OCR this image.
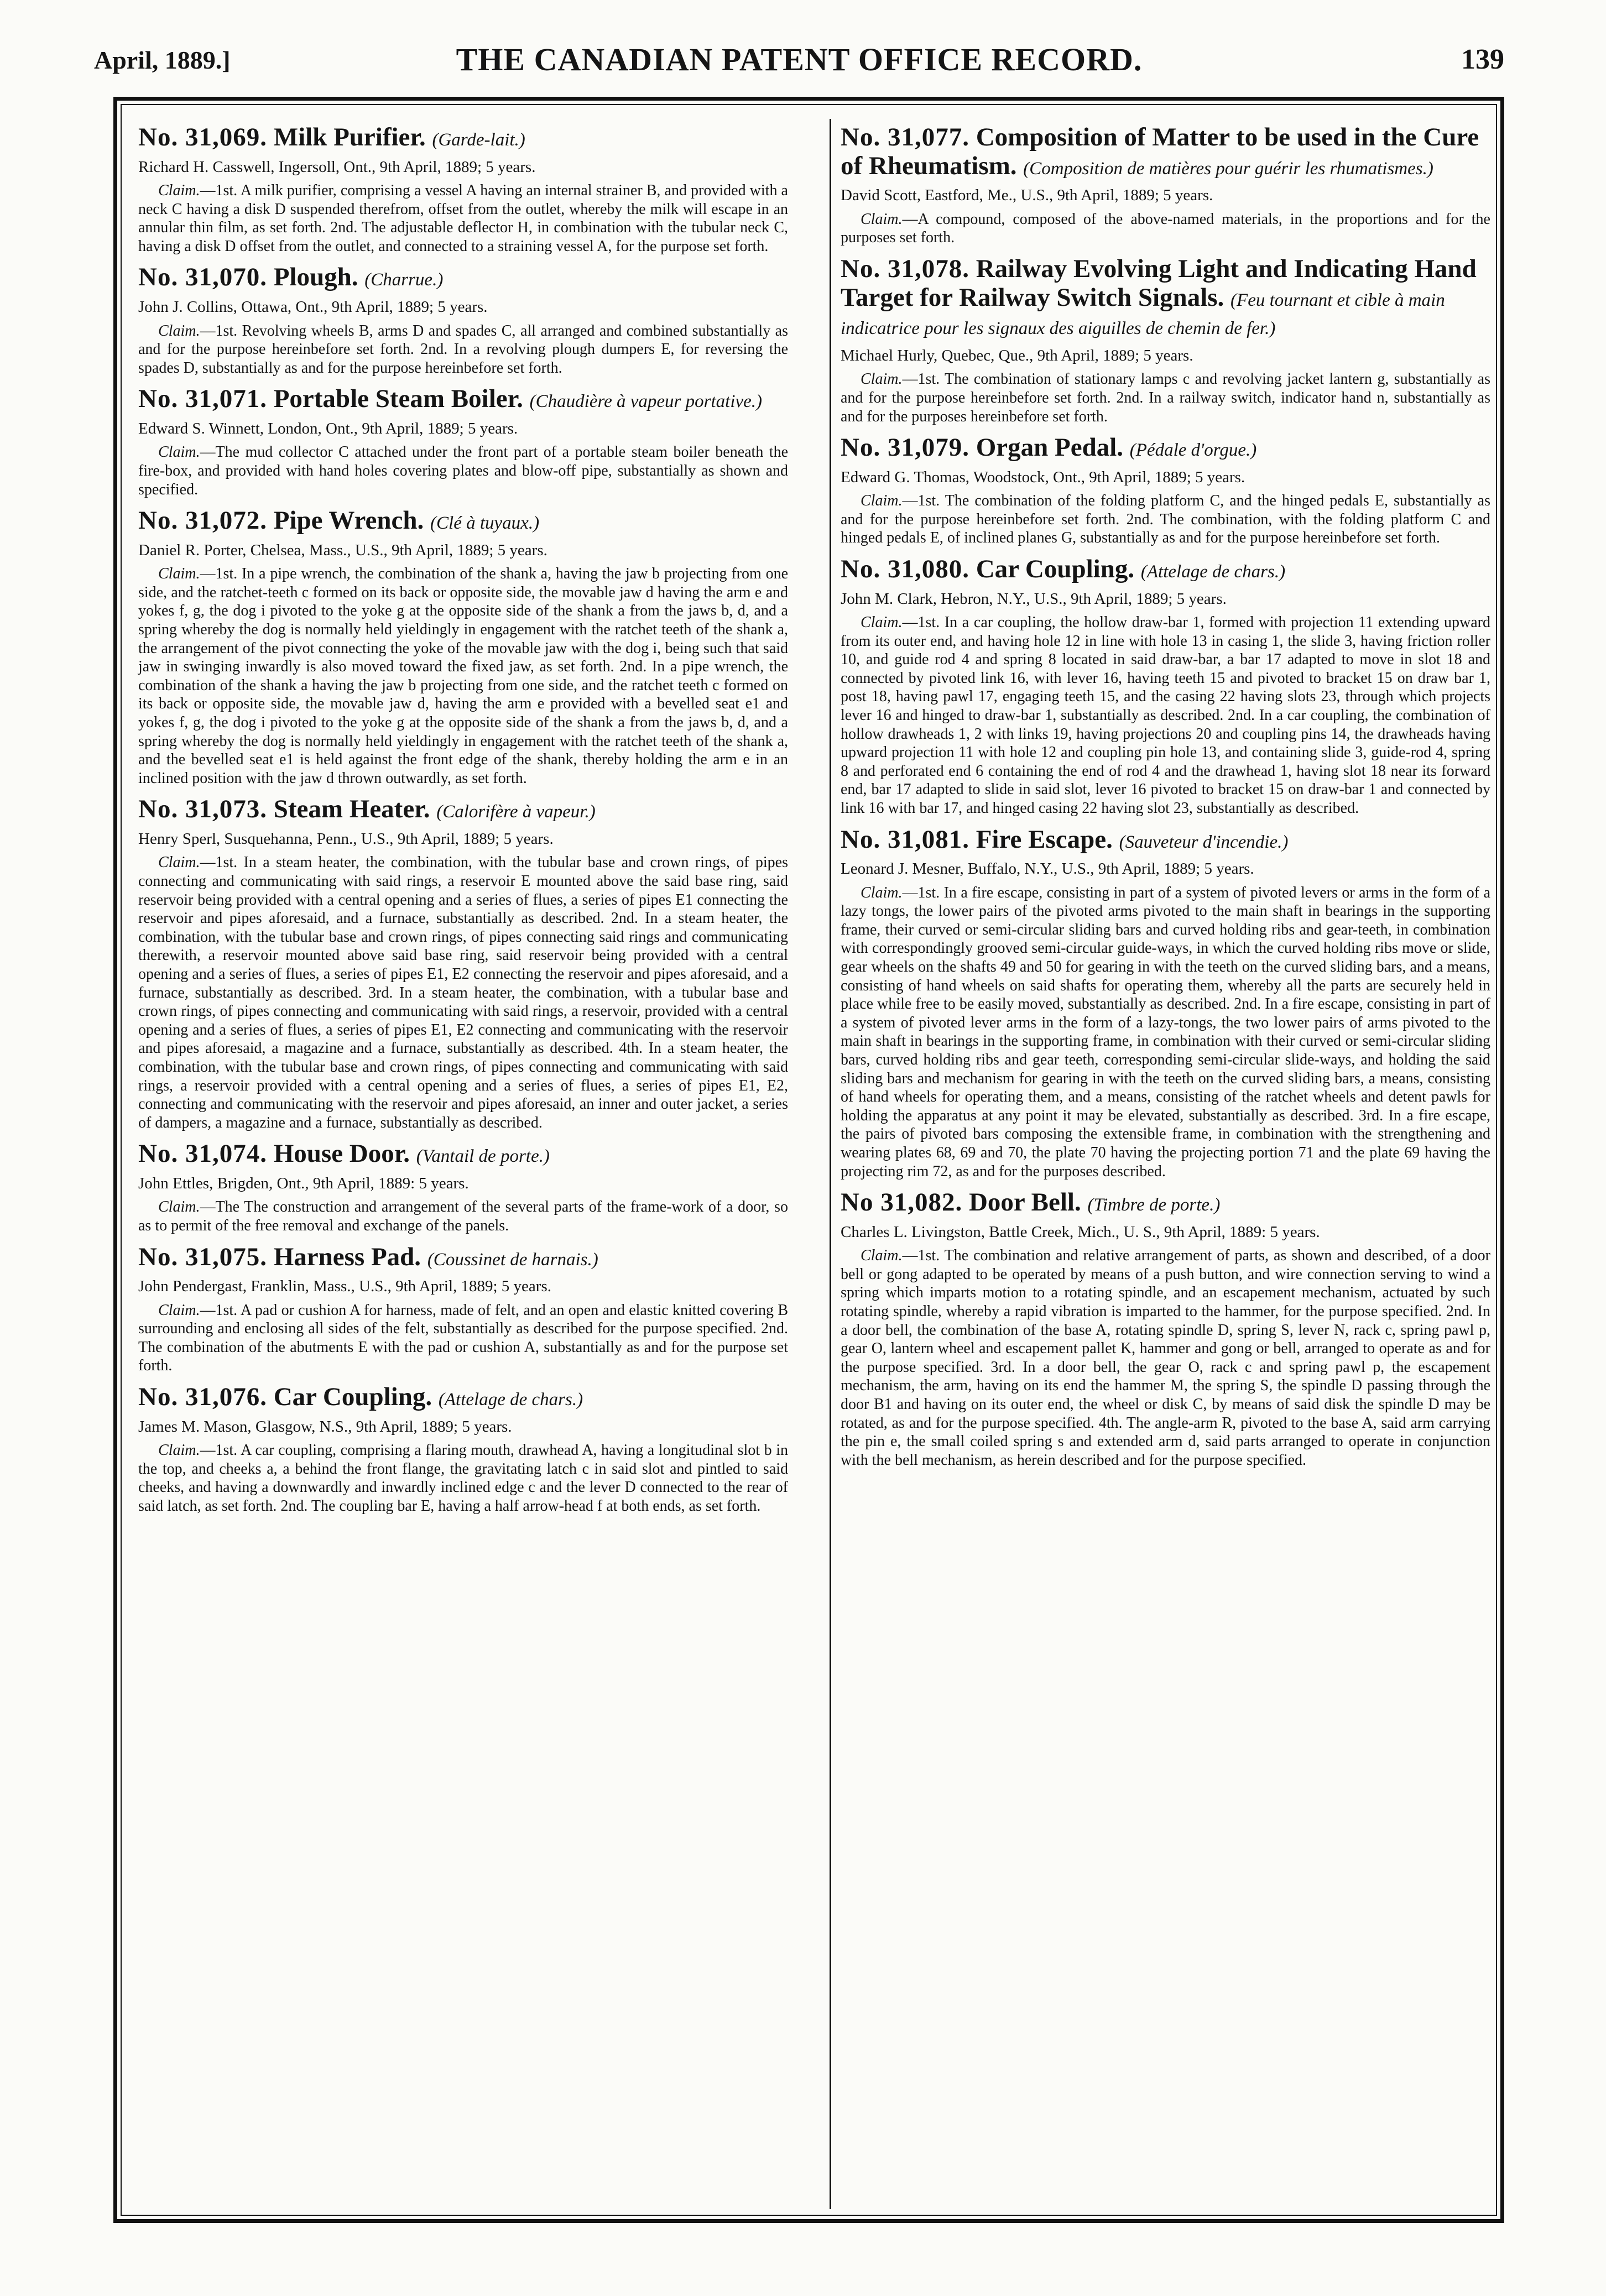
April, 1889.]	THE CANADIAN PATENT OFFICE RECORD.	139
No. 31,069. Milk Purifier. (Garde-lait.)

Richard H. Casswell, Ingersoll, Ont., 9th April, 1889; 5 years.

Claim.—1st. A milk purifier, comprising a vessel A having an internal strainer B, and provided with a neck C having a disk D suspended therefrom, offset from the outlet, whereby the milk will escape in an annular thin film, as set forth. 2nd. The adjustable deflector H, in combination with the tubular neck C, having a disk D offset from the outlet, and connected to a straining vessel A, for the purpose set forth.

No. 31,070. Plough. (Charrue.)

John J. Collins, Ottawa, Ont., 9th April, 1889; 5 years.

Claim.—1st. Revolving wheels B, arms D and spades C, all arranged and combined substantially as and for the purpose hereinbefore set forth. 2nd. In a revolving plough dumpers E, for reversing the spades D, substantially as and for the purpose hereinbefore set forth.

No. 31,071. Portable Steam Boiler. (Chaudière à vapeur portative.)

Edward S. Winnett, London, Ont., 9th April, 1889; 5 years.

Claim.—The mud collector C attached under the front part of a portable steam boiler beneath the fire-box, and provided with hand holes covering plates and blow-off pipe, substantially as shown and specified.

No. 31,072. Pipe Wrench. (Clé à tuyaux.)

Daniel R. Porter, Chelsea, Mass., U.S., 9th April, 1889; 5 years.

Claim.—1st. In a pipe wrench, the combination of the shank a, having the jaw b projecting from one side, and the ratchet-teeth c formed on its back or opposite side, the movable jaw d having the arm e and yokes f, g, the dog i pivoted to the yoke g at the opposite side of the shank a from the jaws b, d, and a spring whereby the dog is normally held yieldingly in engagement with the ratchet teeth of the shank a, the arrangement of the pivot connecting the yoke of the movable jaw with the dog i, being such that said jaw in swinging inwardly is also moved toward the fixed jaw, as set forth. 2nd. In a pipe wrench, the combination of the shank a having the jaw b projecting from one side, and the ratchet teeth c formed on its back or opposite side, the movable jaw d, having the arm e provided with a bevelled seat e1 and yokes f, g, the dog i pivoted to the yoke g at the opposite side of the shank a from the jaws b, d, and a spring whereby the dog is normally held yieldingly in engagement with the ratchet teeth of the shank a, and the bevelled seat e1 is held against the front edge of the shank, thereby holding the arm e in an inclined position with the jaw d thrown outwardly, as set forth.

No. 31,073. Steam Heater. (Calorifère à vapeur.)

Henry Sperl, Susquehanna, Penn., U.S., 9th April, 1889; 5 years.

Claim.—1st. In a steam heater, the combination, with the tubular base and crown rings, of pipes connecting and communicating with said rings, a reservoir E mounted above the said base ring, said reservoir being provided with a central opening and a series of flues, a series of pipes E1 connecting the reservoir and pipes aforesaid, and a furnace, substantially as described. 2nd. In a steam heater, the combination, with the tubular base and crown rings, of pipes connecting said rings and communicating therewith, a reservoir mounted above said base ring, said reservoir being provided with a central opening and a series of flues, a series of pipes E1, E2 connecting the reservoir and pipes aforesaid, and a furnace, substantially as described. 3rd. In a steam heater, the combination, with a tubular base and crown rings, of pipes connecting and communicating with said rings, a reservoir, provided with a central opening and a series of flues, a series of pipes E1, E2 connecting and communicating with the reservoir and pipes aforesaid, a magazine and a furnace, substantially as described. 4th. In a steam heater, the combination, with the tubular base and crown rings, of pipes connecting and communicating with said rings, a reservoir provided with a central opening and a series of flues, a series of pipes E1, E2, connecting and communicating with the reservoir and pipes aforesaid, an inner and outer jacket, a series of dampers, a magazine and a furnace, substantially as described.

No. 31,074. House Door. (Vantail de porte.)

John Ettles, Brigden, Ont., 9th April, 1889: 5 years.

Claim.—The The construction and arrangement of the several parts of the frame-work of a door, so as to permit of the free removal and exchange of the panels.

No. 31,075. Harness Pad. (Coussinet de harnais.)

John Pendergast, Franklin, Mass., U.S., 9th April, 1889; 5 years.

Claim.—1st. A pad or cushion A for harness, made of felt, and an open and elastic knitted covering B surrounding and enclosing all sides of the felt, substantially as described for the purpose specified. 2nd. The combination of the abutments E with the pad or cushion A, substantially as and for the purpose set forth.

No. 31,076. Car Coupling. (Attelage de chars.)

James M. Mason, Glasgow, N.S., 9th April, 1889; 5 years.

Claim.—1st. A car coupling, comprising a flaring mouth, drawhead A, having a longitudinal slot b in the top, and cheeks a, a behind the front flange, the gravitating latch c in said slot and pintled to said cheeks, and having a downwardly and inwardly inclined edge c and the lever D connected to the rear of said latch, as set forth. 2nd. The coupling bar E, having a half arrow-head f at both ends, as set forth.

No. 31,077. Composition of Matter to be used in the Cure of Rheumatism. (Composition de matières pour guérir les rhumatismes.)

David Scott, Eastford, Me., U.S., 9th April, 1889; 5 years.

Claim.—A compound, composed of the above-named materials, in the proportions and for the purposes set forth.

No. 31,078. Railway Evolving Light and Indicating Hand Target for Railway Switch Signals. (Feu tournant et cible à main indicatrice pour les signaux des aiguilles de chemin de fer.)

Michael Hurly, Quebec, Que., 9th April, 1889; 5 years.

Claim.—1st. The combination of stationary lamps c and revolving jacket lantern g, substantially as and for the purpose hereinbefore set forth. 2nd. In a railway switch, indicator hand n, substantially as and for the purposes hereinbefore set forth.

No. 31,079. Organ Pedal. (Pédale d'orgue.)

Edward G. Thomas, Woodstock, Ont., 9th April, 1889; 5 years.

Claim.—1st. The combination of the folding platform C, and the hinged pedals E, substantially as and for the purpose hereinbefore set forth. 2nd. The combination, with the folding platform C and hinged pedals E, of inclined planes G, substantially as and for the purpose hereinbefore set forth.

No. 31,080. Car Coupling. (Attelage de chars.)

John M. Clark, Hebron, N.Y., U.S., 9th April, 1889; 5 years.

Claim.—1st. In a car coupling, the hollow draw-bar 1, formed with projection 11 extending upward from its outer end, and having hole 12 in line with hole 13 in casing 1, the slide 3, having friction roller 10, and guide rod 4 and spring 8 located in said draw-bar, a bar 17 adapted to move in slot 18 and connected by pivoted link 16, with lever 16, having teeth 15 and pivoted to bracket 15 on draw bar 1, post 18, having pawl 17, engaging teeth 15, and the casing 22 having slots 23, through which projects lever 16 and hinged to draw-bar 1, substantially as described. 2nd. In a car coupling, the combination of hollow drawheads 1, 2 with links 19, having projections 20 and coupling pins 14, the drawheads having upward projection 11 with hole 12 and coupling pin hole 13, and containing slide 3, guide-rod 4, spring 8 and perforated end 6 containing the end of rod 4 and the drawhead 1, having slot 18 near its forward end, bar 17 adapted to slide in said slot, lever 16 pivoted to bracket 15 on draw-bar 1 and connected by link 16 with bar 17, and hinged casing 22 having slot 23, substantially as described.

No. 31,081. Fire Escape. (Sauveteur d'incendie.)

Leonard J. Mesner, Buffalo, N.Y., U.S., 9th April, 1889; 5 years.

Claim.—1st. In a fire escape, consisting in part of a system of pivoted levers or arms in the form of a lazy tongs, the lower pairs of the pivoted arms pivoted to the main shaft in bearings in the supporting frame, their curved or semi-circular sliding bars and curved holding ribs and gear-teeth, in combination with correspondingly grooved semi-circular guide-ways, in which the curved holding ribs move or slide, gear wheels on the shafts 49 and 50 for gearing in with the teeth on the curved sliding bars, and a means, consisting of hand wheels on said shafts for operating them, whereby all the parts are securely held in place while free to be easily moved, substantially as described. 2nd. In a fire escape, consisting in part of a system of pivoted lever arms in the form of a lazy-tongs, the two lower pairs of arms pivoted to the main shaft in bearings in the supporting frame, in combination with their curved or semi-circular sliding bars, curved holding ribs and gear teeth, corresponding semi-circular slide-ways, and holding the said sliding bars and mechanism for gearing in with the teeth on the curved sliding bars, a means, consisting of hand wheels for operating them, and a means, consisting of the ratchet wheels and detent pawls for holding the apparatus at any point it may be elevated, substantially as described. 3rd. In a fire escape, the pairs of pivoted bars composing the extensible frame, in combination with the strengthening and wearing plates 68, 69 and 70, the plate 70 having the projecting portion 71 and the plate 69 having the projecting rim 72, as and for the purposes described.

No 31,082. Door Bell. (Timbre de porte.)

Charles L. Livingston, Battle Creek, Mich., U. S., 9th April, 1889: 5 years.

Claim.—1st. The combination and relative arrangement of parts, as shown and described, of a door bell or gong adapted to be operated by means of a push button, and wire connection serving to wind a spring which imparts motion to a rotating spindle, and an escapement mechanism, actuated by such rotating spindle, whereby a rapid vibration is imparted to the hammer, for the purpose specified. 2nd. In a door bell, the combination of the base A, rotating spindle D, spring S, lever N, rack c, spring pawl p, gear O, lantern wheel and escapement pallet K, hammer and gong or bell, arranged to operate as and for the purpose specified. 3rd. In a door bell, the gear O, rack c and spring pawl p, the escapement mechanism, the arm, having on its end the hammer M, the spring S, the spindle D passing through the door B1 and having on its outer end, the wheel or disk C, by means of said disk the spindle D may be rotated, as and for the purpose specified. 4th. The angle-arm R, pivoted to the base A, said arm carrying the pin e, the small coiled spring s and extended arm d, said parts arranged to operate in conjunction with the bell mechanism, as herein described and for the purpose specified.
